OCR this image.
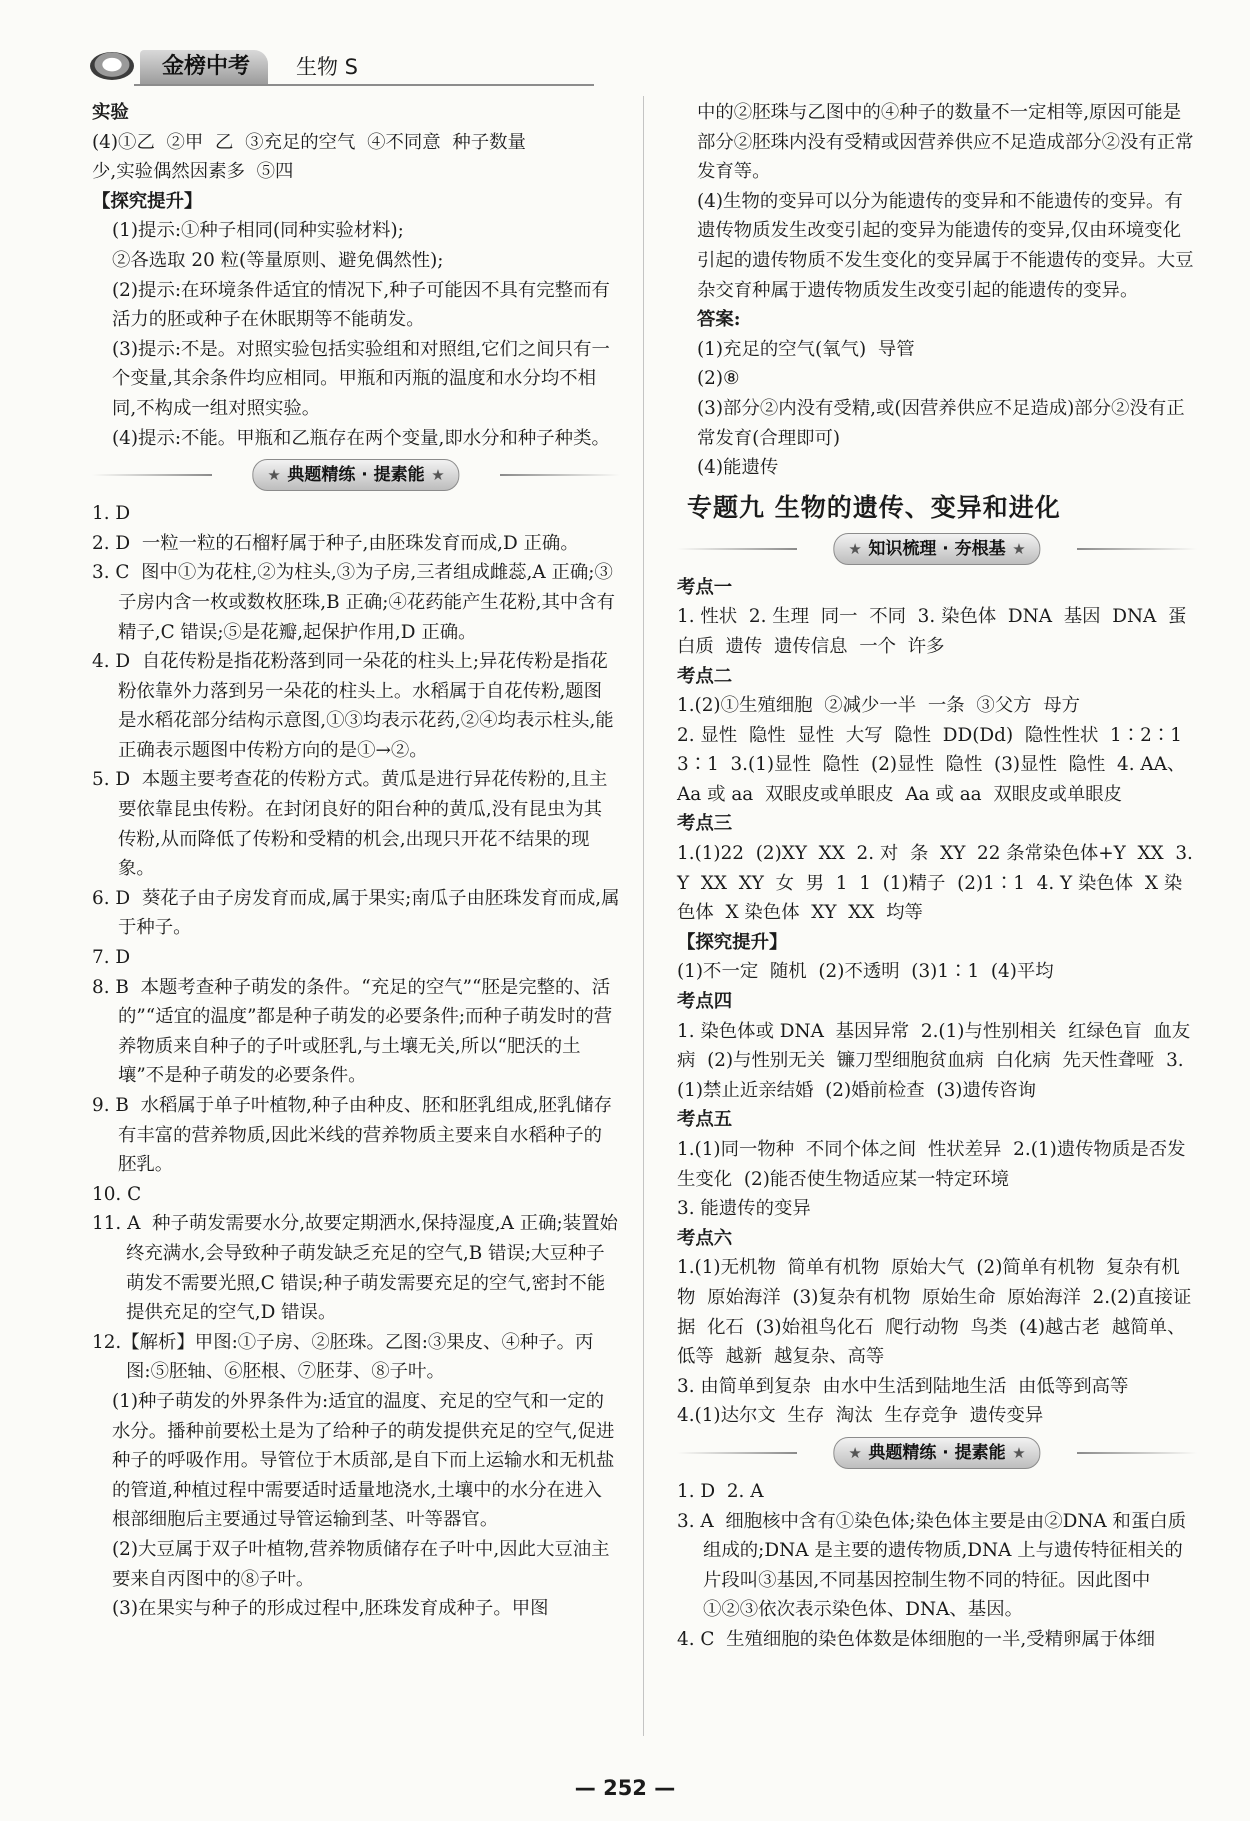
金榜中考	生物 S

实验

(4)①乙  ②甲  乙  ③充足的空气  ④不同意  种子数量

少,实验偶然因素多  ⑤四

【探究提升】

(1)提示:①种子相同(同种实验材料);

②各选取 20 粒(等量原则、避免偶然性);

(2)提示:在环境条件适宜的情况下,种子可能因不具有完整而有活力的胚或种子在休眠期等不能萌发。

(3)提示:不是。对照实验包括实验组和对照组,它们之间只有一个变量,其余条件均应相同。甲瓶和丙瓶的温度和水分均不相同,不构成一组对照实验。

(4)提示:不能。甲瓶和乙瓶存在两个变量,即水分和种子种类。

★ 典题精练 · 提素能 ★

1. D

2. D  一粒一粒的石榴籽属于种子,由胚珠发育而成,D 正确。

3. C  图中①为花柱,②为柱头,③为子房,三者组成雌蕊,A 正确;③子房内含一枚或数枚胚珠,B 正确;④花药能产生花粉,其中含有精子,C 错误;⑤是花瓣,起保护作用,D 正确。

4. D  自花传粉是指花粉落到同一朵花的柱头上;异花传粉是指花粉依靠外力落到另一朵花的柱头上。水稻属于自花传粉,题图是水稻花部分结构示意图,①③均表示花药,②④均表示柱头,能正确表示题图中传粉方向的是①→②。

5. D  本题主要考查花的传粉方式。黄瓜是进行异花传粉的,且主要依靠昆虫传粉。在封闭良好的阳台种的黄瓜,没有昆虫为其传粉,从而降低了传粉和受精的机会,出现只开花不结果的现象。

6. D  葵花子由子房发育而成,属于果实;南瓜子由胚珠发育而成,属于种子。

7. D

8. B  本题考查种子萌发的条件。“充足的空气”“胚是完整的、活的”“适宜的温度”都是种子萌发的必要条件;而种子萌发时的营养物质来自种子的子叶或胚乳,与土壤无关,所以“肥沃的土壤”不是种子萌发的必要条件。

9. B  水稻属于单子叶植物,种子由种皮、胚和胚乳组成,胚乳储存有丰富的营养物质,因此米线的营养物质主要来自水稻种子的胚乳。

10. C

11. A  种子萌发需要水分,故要定期洒水,保持湿度,A 正确;装置始终充满水,会导致种子萌发缺乏充足的空气,B 错误;大豆种子萌发不需要光照,C 错误;种子萌发需要充足的空气,密封不能提供充足的空气,D 错误。

12.【解析】甲图:①子房、②胚珠。乙图:③果皮、④种子。丙图:⑤胚轴、⑥胚根、⑦胚芽、⑧子叶。

(1)种子萌发的外界条件为:适宜的温度、充足的空气和一定的水分。播种前要松土是为了给种子的萌发提供充足的空气,促进种子的呼吸作用。导管位于木质部,是自下而上运输水和无机盐的管道,种植过程中需要适时适量地浇水,土壤中的水分在进入根部细胞后主要通过导管运输到茎、叶等器官。

(2)大豆属于双子叶植物,营养物质储存在子叶中,因此大豆油主要来自丙图中的⑧子叶。

(3)在果实与种子的形成过程中,胚珠发育成种子。甲图

中的②胚珠与乙图中的④种子的数量不一定相等,原因可能是部分②胚珠内没有受精或因营养供应不足造成部分②没有正常发育等。

(4)生物的变异可以分为能遗传的变异和不能遗传的变异。有遗传物质发生改变引起的变异为能遗传的变异,仅由环境变化引起的遗传物质不发生变化的变异属于不能遗传的变异。大豆杂交育种属于遗传物质发生改变引起的能遗传的变异。

答案:

(1)充足的空气(氧气)  导管

(2)⑧

(3)部分②内没有受精,或(因营养供应不足造成)部分②没有正常发育(合理即可)

(4)能遗传

专题九 生物的遗传、变异和进化
★ 知识梳理 · 夯根基 ★

考点一

1. 性状  2. 生理  同一  不同  3. 染色体  DNA  基因  DNA  蛋白质  遗传  遗传信息  一个  许多

考点二

1.(2)①生殖细胞  ②减少一半  一条  ③父方  母方

2. 显性  隐性  显性  大写  隐性  DD(Dd)  隐性性状  1∶2∶1  3∶1  3.(1)显性  隐性  (2)显性  隐性  (3)显性  隐性  4. AA、Aa 或 aa  双眼皮或单眼皮  Aa 或 aa  双眼皮或单眼皮

考点三

1.(1)22  (2)XY  XX  2. 对  条  XY  22 条常染色体+Y  XX  3. Y  XX  XY  女  男  1  1  (1)精子  (2)1∶1  4. Y 染色体  X 染色体  X 染色体  XY  XX  均等

【探究提升】

(1)不一定  随机  (2)不透明  (3)1∶1  (4)平均

考点四

1. 染色体或 DNA  基因异常  2.(1)与性别相关  红绿色盲  血友病  (2)与性别无关  镰刀型细胞贫血病  白化病  先天性聋哑  3.(1)禁止近亲结婚  (2)婚前检查  (3)遗传咨询

考点五

1.(1)同一物种  不同个体之间  性状差异  2.(1)遗传物质是否发生变化  (2)能否使生物适应某一特定环境

3. 能遗传的变异

考点六

1.(1)无机物  简单有机物  原始大气  (2)简单有机物  复杂有机物  原始海洋  (3)复杂有机物  原始生命  原始海洋  2.(2)直接证据  化石  (3)始祖鸟化石  爬行动物  鸟类  (4)越古老  越简单、低等  越新  越复杂、高等

3. 由简单到复杂  由水中生活到陆地生活  由低等到高等

4.(1)达尔文  生存  淘汰  生存竞争  遗传变异

★ 典题精练 · 提素能 ★

1. D  2. A

3. A  细胞核中含有①染色体;染色体主要是由②DNA 和蛋白质组成的;DNA 是主要的遗传物质,DNA 上与遗传特征相关的片段叫③基因,不同基因控制生物不同的特征。因此图中①②③依次表示染色体、DNA、基因。

4. C  生殖细胞的染色体数是体细胞的一半,受精卵属于体细

— 252 —
